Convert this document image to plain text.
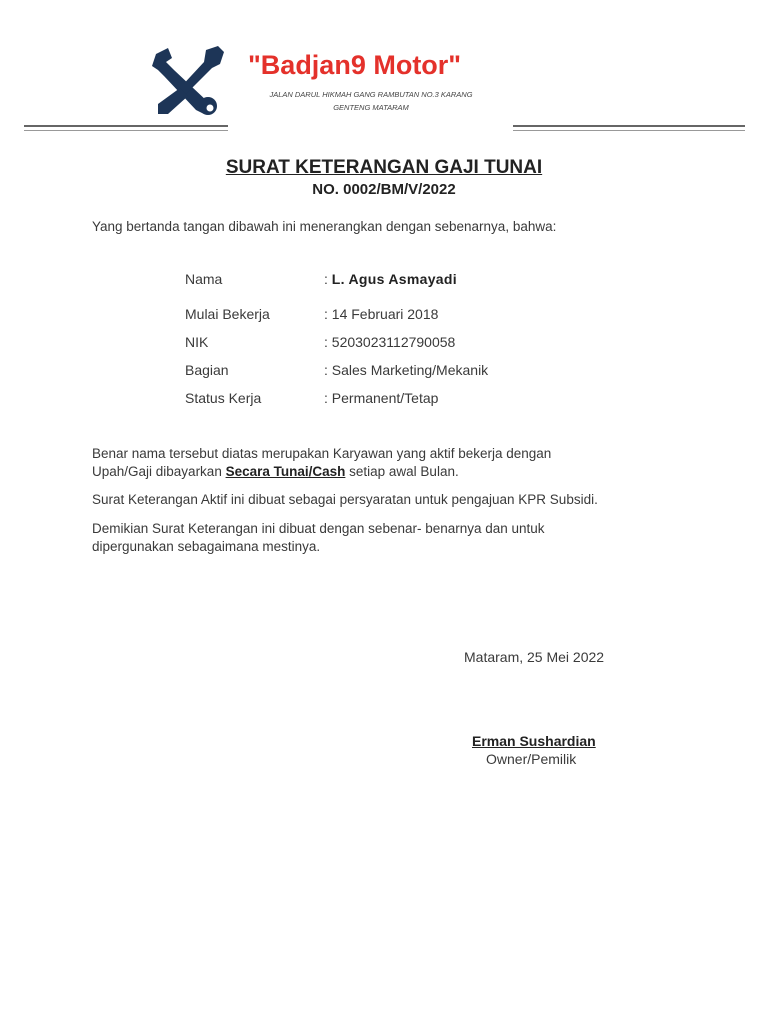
"Badjan9 Motor"
JALAN DARUL HIKMAH GANG RAMBUTAN NO.3 KARANG
GENTENG MATARAM
SURAT KETERANGAN GAJI TUNAI
NO. 0002/BM/V/2022
Yang bertanda tangan dibawah ini menerangkan dengan sebenarnya, bahwa:
Nama	: L. Agus Asmayadi
Mulai Bekerja	: 14 Februari 2018
NIK	: 5203023112790058
Bagian	: Sales Marketing/Mekanik
Status Kerja	: Permanent/Tetap
Benar nama tersebut diatas merupakan Karyawan yang aktif bekerja dengan
Upah/Gaji dibayarkan Secara Tunai/Cash setiap awal Bulan.
Surat Keterangan Aktif ini dibuat sebagai persyaratan untuk pengajuan KPR Subsidi.
Demikian Surat Keterangan ini dibuat dengan sebenar- benarnya dan untuk
dipergunakan sebagaimana mestinya.
Mataram, 25 Mei 2022
Erman Sushardian
Owner/Pemilik
